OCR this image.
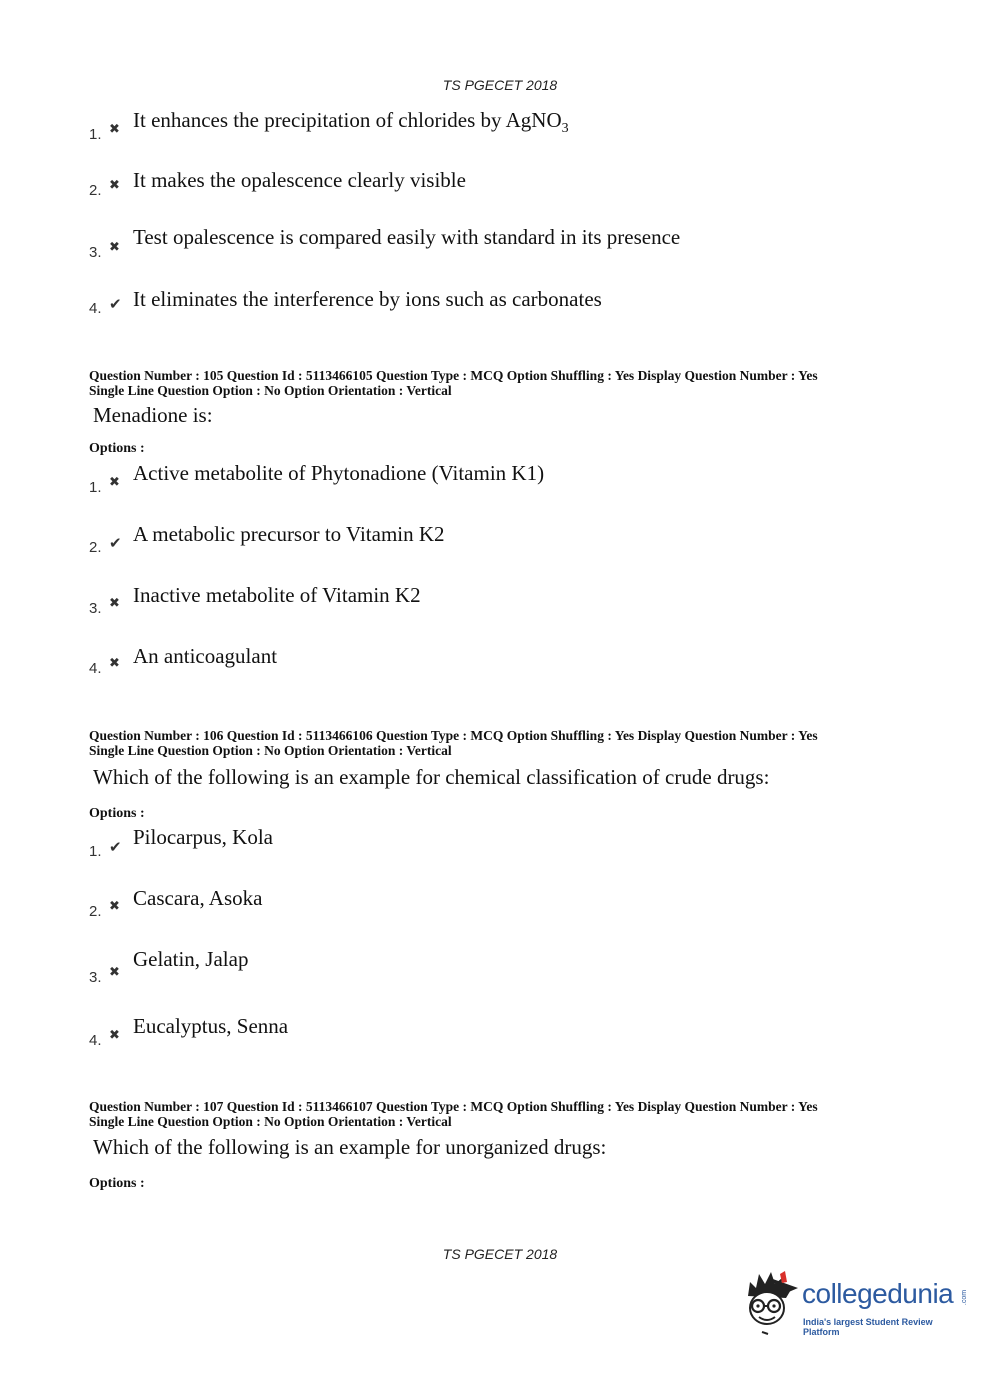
TS PGECET 2018
1. ✖ It enhances the precipitation of chlorides by AgNO$_3$
2. ✖ It makes the opalescence clearly visible
3. ✖ Test opalescence is compared easily with standard in its presence
4. ✔ It eliminates the interference by ions such as carbonates
Question Number : 105 Question Id : 5113466105 Question Type : MCQ Option Shuffling : Yes Display Question Number : Yes
Single Line Question Option : No Option Orientation : Vertical
Menadione is:
Options :
1. ✖ Active metabolite of Phytonadione (Vitamin K1)
2. ✔ A metabolic precursor to Vitamin K2
3. ✖ Inactive metabolite of Vitamin K2
4. ✖ An anticoagulant
Question Number : 106 Question Id : 5113466106 Question Type : MCQ Option Shuffling : Yes Display Question Number : Yes
Single Line Question Option : No Option Orientation : Vertical
Which of the following is an example for chemical classification of crude drugs:
Options :
1. ✔ Pilocarpus, Kola
2. ✖ Cascara, Asoka
3. ✖
Gelatin, Jalap
4. ✖ Eucalyptus, Senna
Question Number : 107 Question Id : 5113466107 Question Type : MCQ Option Shuffling : Yes Display Question Number : Yes
Single Line Question Option : No Option Orientation : Vertical
Which of the following is an example for unorganized drugs:
Options :
TS PGECET 2018
collegedunia .com
India's largest Student Review Platform
